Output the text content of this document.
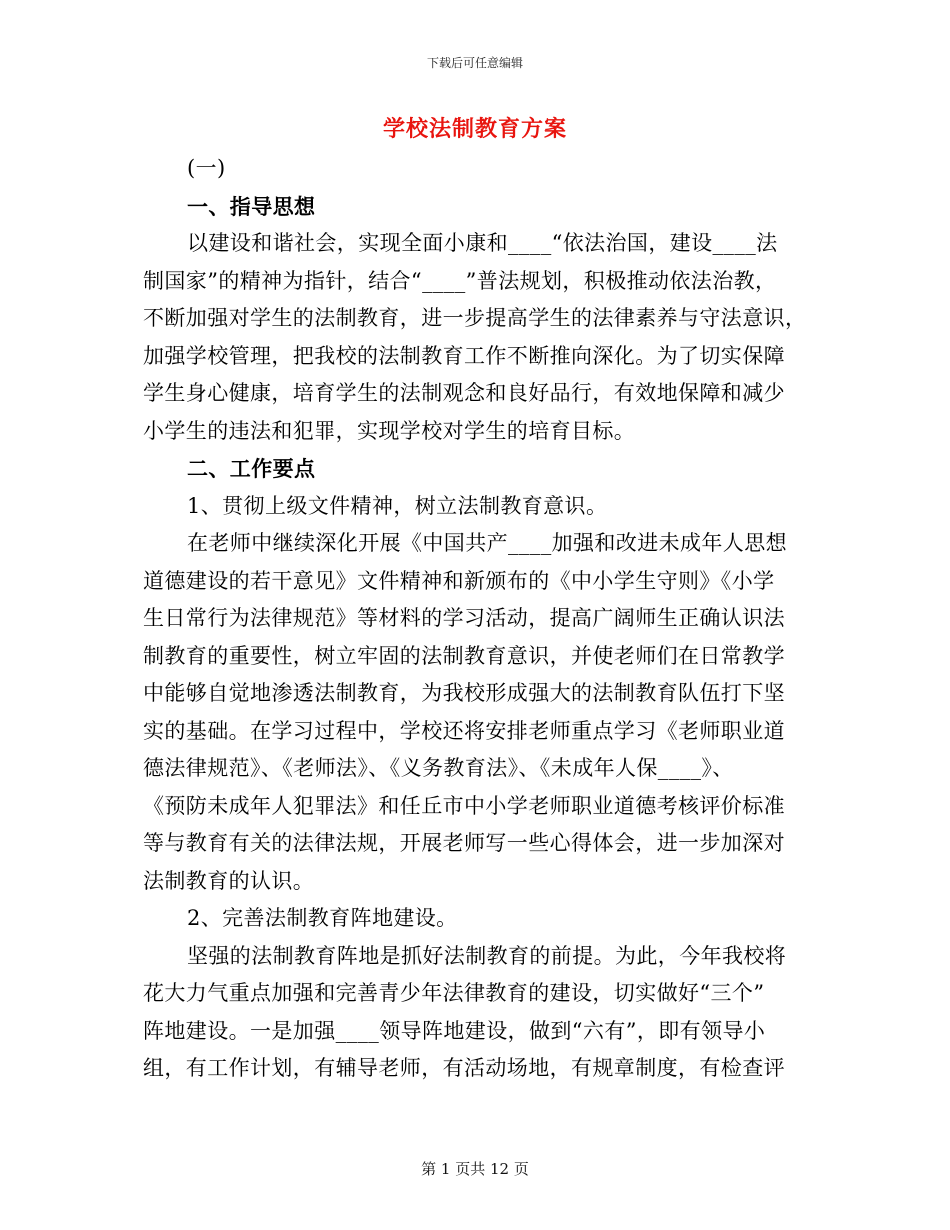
下载后可任意编辑
学校法制教育方案
(一)
一、指导思想
以建设和谐社会，实现全面小康和____“依法治国，建设____法
制国家”的精神为指针，结合“____”普法规划，积极推动依法治教，
不断加强对学生的法制教育，进一步提高学生的法律素养与守法意识，
加强学校管理，把我校的法制教育工作不断推向深化。为了切实保障
学生身心健康，培育学生的法制观念和良好品行，有效地保障和减少
小学生的违法和犯罪，实现学校对学生的培育目标。
二、工作要点
1、贯彻上级文件精神，树立法制教育意识。
在老师中继续深化开展《中国共产____加强和改进未成年人思想
道德建设的若干意见》文件精神和新颁布的《中小学生守则》《小学
生日常行为法律规范》等材料的学习活动，提高广阔师生正确认识法
制教育的重要性，树立牢固的法制教育意识，并使老师们在日常教学
中能够自觉地渗透法制教育，为我校形成强大的法制教育队伍打下坚
实的基础。在学习过程中，学校还将安排老师重点学习《老师职业道
德法律规范》、《老师法》、《义务教育法》、《未成年人保____》、
《预防未成年人犯罪法》和任丘市中小学老师职业道德考核评价标准
等与教育有关的法律法规，开展老师写一些心得体会，进一步加深对
法制教育的认识。
2、完善法制教育阵地建设。
坚强的法制教育阵地是抓好法制教育的前提。为此，今年我校将
花大力气重点加强和完善青少年法律教育的建设，切实做好“三个”
阵地建设。一是加强____领导阵地建设，做到“六有”，即有领导小
组，有工作计划，有辅导老师，有活动场地，有规章制度，有检查评
第 1 页共 12 页
